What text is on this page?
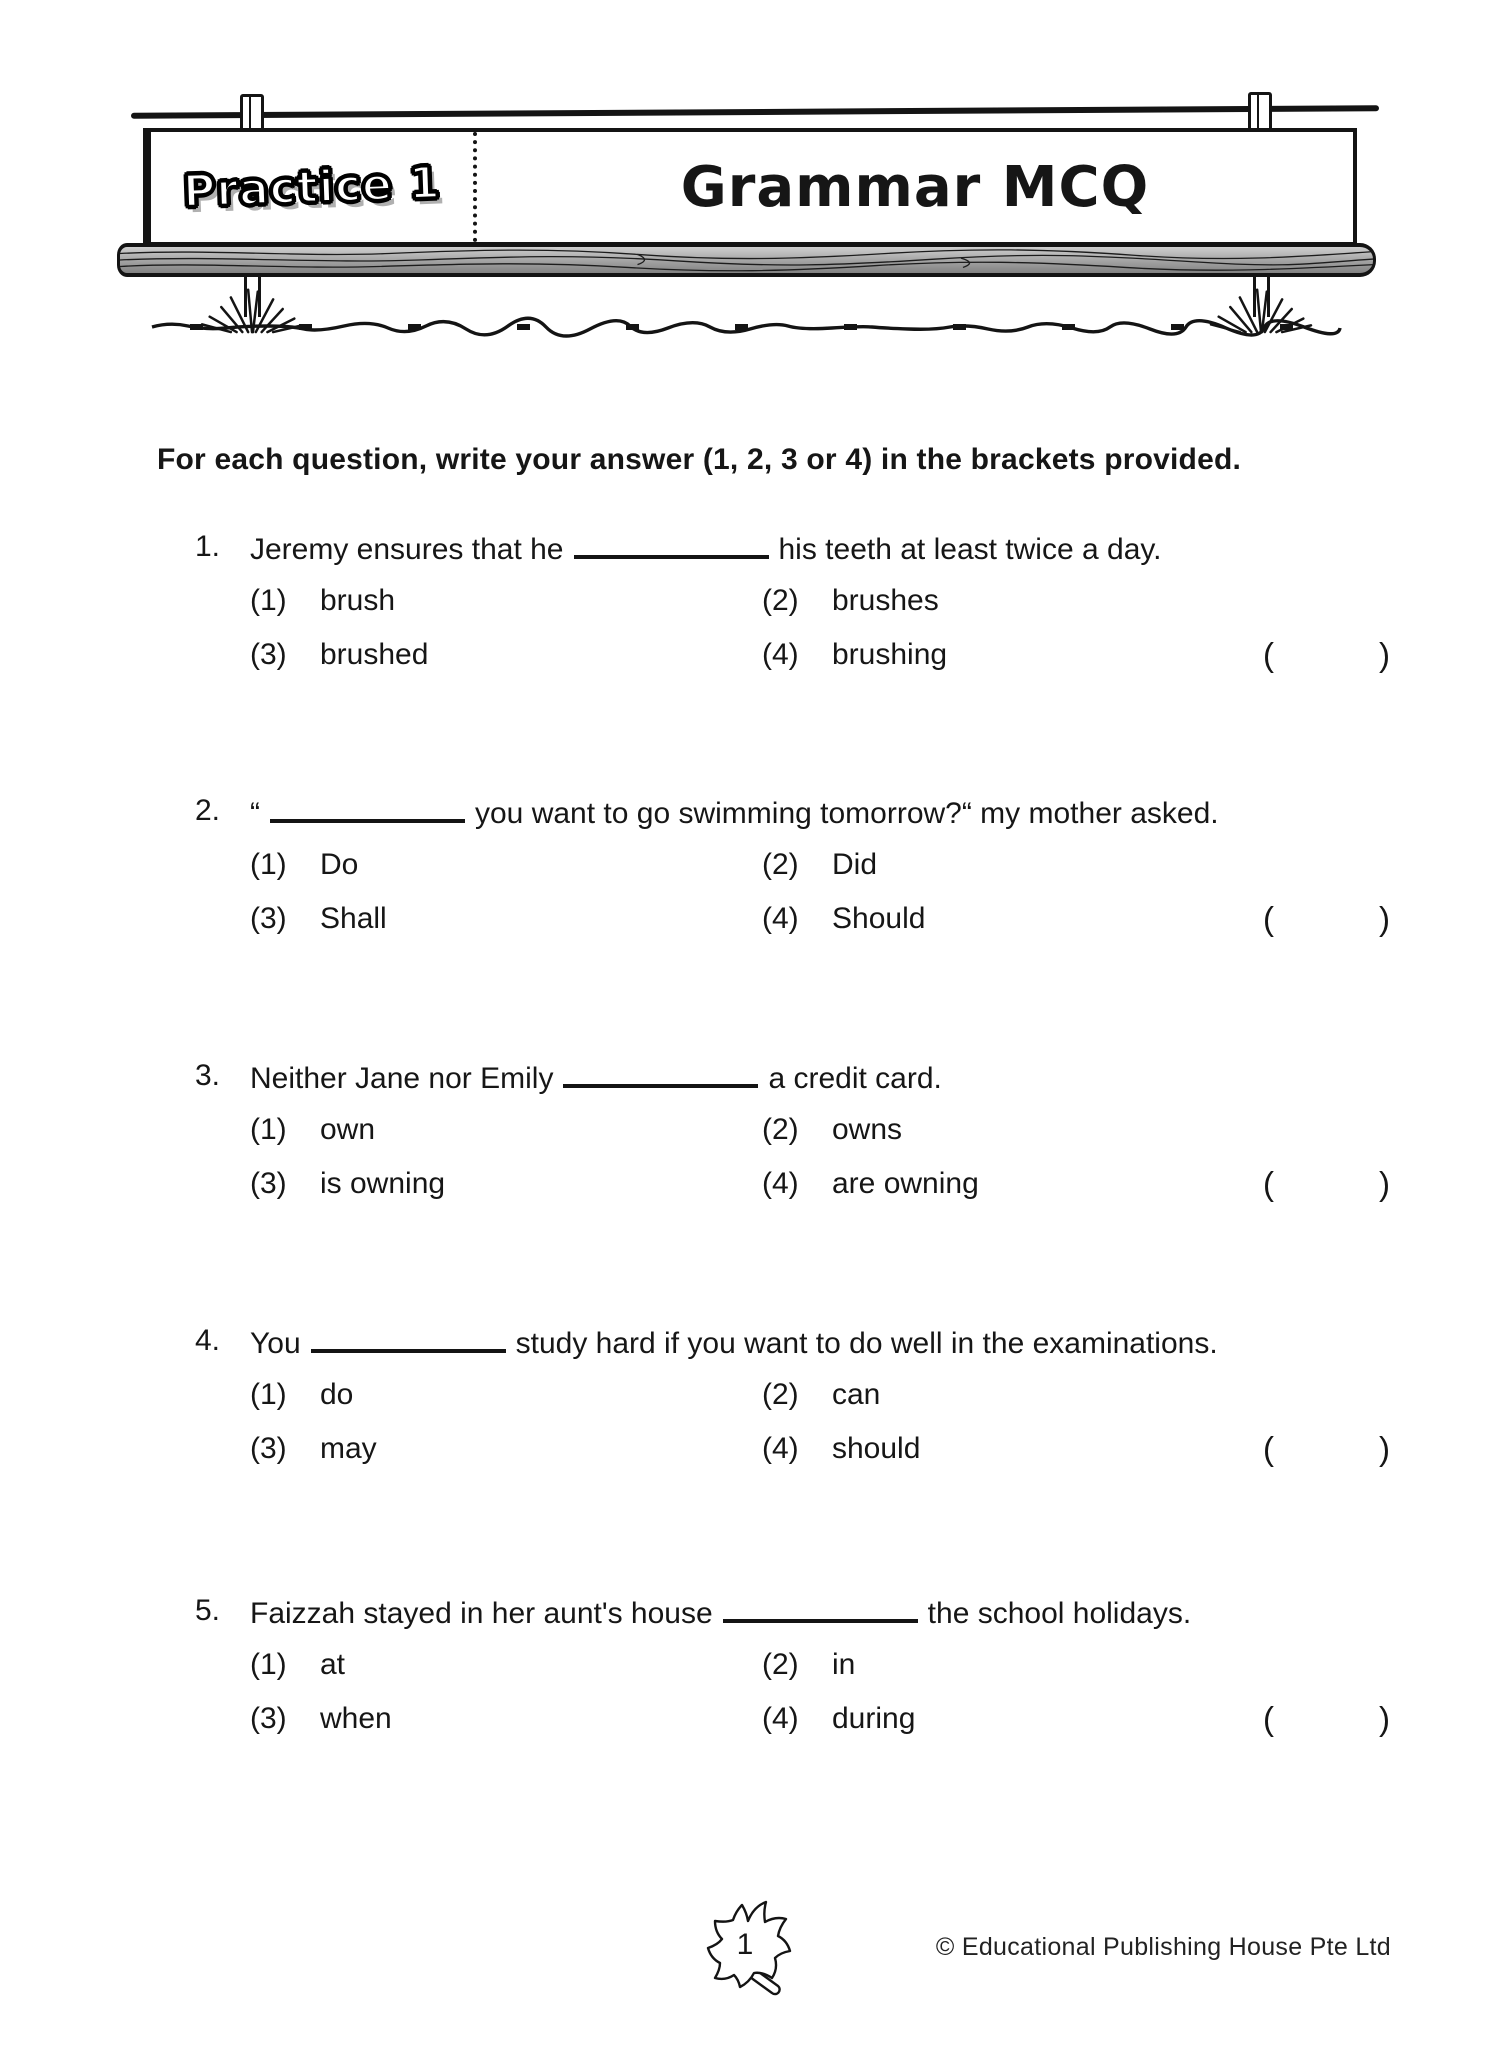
Practice 1	Grammar MCQ

For each question, write your answer (1, 2, 3 or 4) in the brackets provided.

1. Jeremy ensures that he	his teeth at least twice a day.
(1)	brush	(2)	brushes
(3)	brushed	(4)	brushing	(	)
2. “	you want to go swimming tomorrow?“ my mother asked.
(1)	Do	(2)	Did
(3)	Shall	(4)	Should	(	)
3. Neither Jane nor Emily	a credit card.
(1)	own	(2)	owns
(3)	is owning	(4)	are owning	(	)
4. You	study hard if you want to do well in the examinations.
(1)	do	(2)	can
(3)	may	(4)	should	(	)
5. Faizzah stayed in her aunt's house	the school holidays.
(1)	at	(2)	in
(3)	when	(4)	during	(	)
1	© Educational Publishing House Pte Ltd
